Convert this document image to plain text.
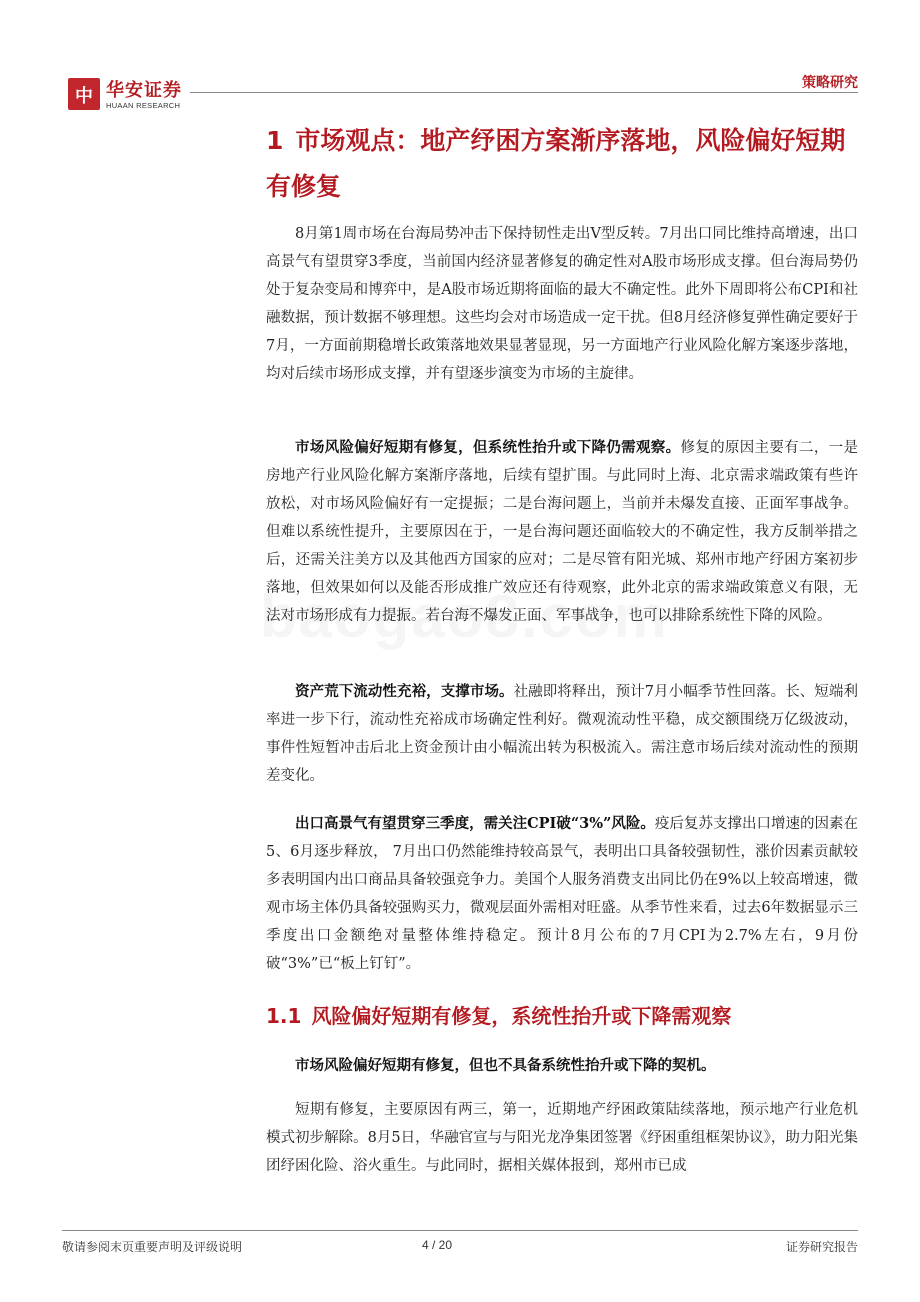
中 华安证券
HUAAN RESEARCH
策略研究
1 市场观点：地产纾困方案渐序落地，风险偏好短期有修复
8月第1周市场在台海局势冲击下保持韧性走出V型反转。7月出口同比维持高增速，出口高景气有望贯穿3季度，当前国内经济显著修复的确定性对A股市场形成支撑。但台海局势仍处于复杂变局和博弈中，是A股市场近期将面临的最大不确定性。此外下周即将公布CPI和社融数据，预计数据不够理想。这些均会对市场造成一定干扰。但8月经济修复弹性确定要好于7月，一方面前期稳增长政策落地效果显著显现，另一方面地产行业风险化解方案逐步落地，均对后续市场形成支撑，并有望逐步演变为市场的主旋律。
市场风险偏好短期有修复，但系统性抬升或下降仍需观察。修复的原因主要有二，一是房地产行业风险化解方案渐序落地，后续有望扩围。与此同时上海、北京需求端政策有些许放松，对市场风险偏好有一定提振；二是台海问题上，当前并未爆发直接、正面军事战争。但难以系统性提升，主要原因在于，一是台海问题还面临较大的不确定性，我方反制举措之后，还需关注美方以及其他西方国家的应对；二是尽管有阳光城、郑州市地产纾困方案初步落地，但效果如何以及能否形成推广效应还有待观察，此外北京的需求端政策意义有限，无法对市场形成有力提振。若台海不爆发正面、军事战争，也可以排除系统性下降的风险。
资产荒下流动性充裕，支撑市场。社融即将释出，预计7月小幅季节性回落。长、短端利率进一步下行，流动性充裕成市场确定性利好。微观流动性平稳，成交额围绕万亿级波动，事件性短暂冲击后北上资金预计由小幅流出转为积极流入。需注意市场后续对流动性的预期差变化。
出口高景气有望贯穿三季度，需关注CPI破“3%”风险。疫后复苏支撑出口增速的因素在5、6月逐步释放， 7月出口仍然能维持较高景气，表明出口具备较强韧性，涨价因素贡献较多表明国内出口商品具备较强竞争力。美国个人服务消费支出同比仍在9%以上较高增速，微观市场主体仍具备较强购买力，微观层面外需相对旺盛。从季节性来看，过去6年数据显示三季度出口金额绝对量整体维持稳定。预计8月公布的7月CPI为2.7%左右，9月份破“3%”已“板上钉钉”。
1.1 风险偏好短期有修复，系统性抬升或下降需观察
市场风险偏好短期有修复，但也不具备系统性抬升或下降的契机。
短期有修复，主要原因有两三，第一，近期地产纾困政策陆续落地，预示地产行业危机模式初步解除。8月5日，华融官宣与与阳光龙净集团签署《纾困重组框架协议》，助力阳光集团纾困化险、浴火重生。与此同时，据相关媒体报到，郑州市已成
敬请参阅末页重要声明及评级说明	4 / 20	证券研究报告
